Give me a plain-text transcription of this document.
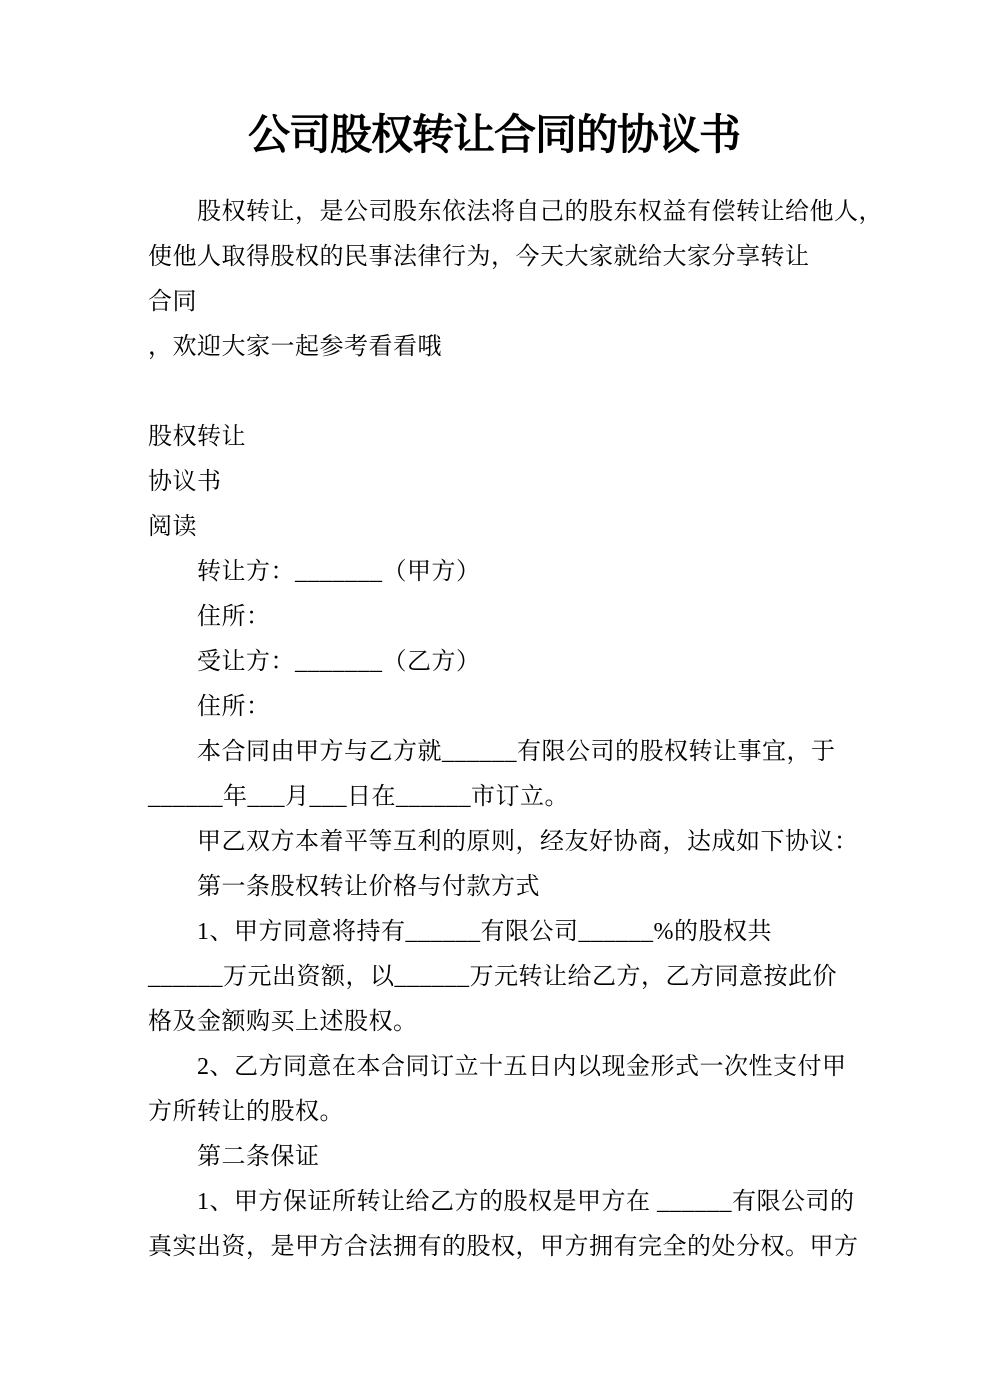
公司股权转让合同的协议书
股权转让，是公司股东依法将自己的股东权益有偿转让给他人，
使他人取得股权的民事法律行为，今天大家就给大家分享转让
合同
，欢迎大家一起参考看看哦
股权转让
协议书
阅读
转让方：_______（甲方）
住所：
受让方：_______（乙方）
住所：
本合同由甲方与乙方就______有限公司的股权转让事宜，于
______年___月___日在______市订立。
甲乙双方本着平等互利的原则，经友好协商，达成如下协议：
第一条股权转让价格与付款方式
1、甲方同意将持有______有限公司______%的股权共
______万元出资额，以______万元转让给乙方，乙方同意按此价
格及金额购买上述股权。
2、乙方同意在本合同订立十五日内以现金形式一次性支付甲
方所转让的股权。
第二条保证
1、甲方保证所转让给乙方的股权是甲方在 ______有限公司的
真实出资，是甲方合法拥有的股权，甲方拥有完全的处分权。甲方
